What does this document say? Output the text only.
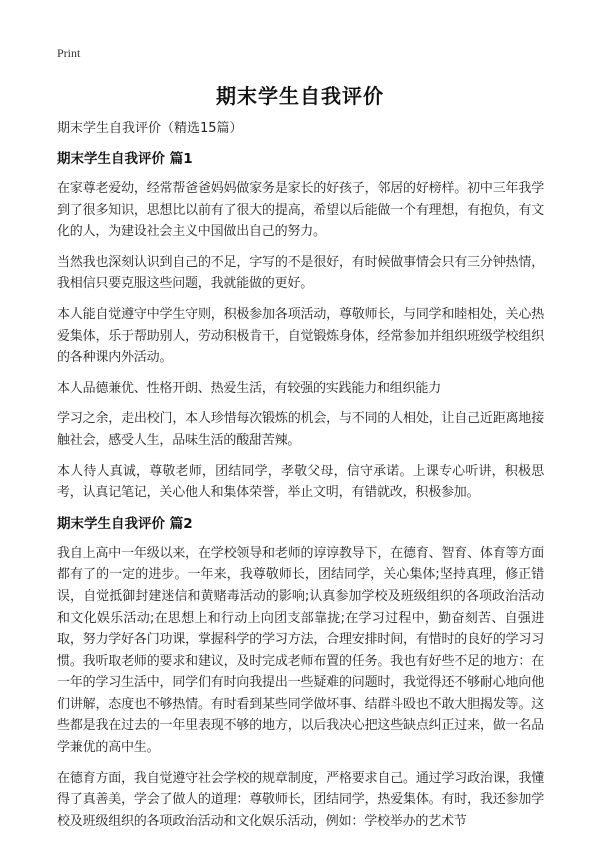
Print
期末学生自我评价
期末学生自我评价（精选15篇）
期末学生自我评价 篇1
在家尊老爱幼，经常帮爸爸妈妈做家务是家长的好孩子，邻居的好榜样。初中三年我学到了很多知识，思想比以前有了很大的提高，希望以后能做一个有理想，有抱负，有文化的人，为建设社会主义中国做出自己的努力。
当然我也深刻认识到自己的不足，字写的不是很好，有时候做事情会只有三分钟热情，我相信只要克服这些问题，我就能做的更好。
本人能自觉遵守中学生守则，积极参加各项活动，尊敬师长，与同学和睦相处，关心热爱集体，乐于帮助别人，劳动积极肯干，自觉锻炼身体，经常参加并组织班级学校组织的各种课内外活动。
本人品德兼优、性格开朗、热爱生活，有较强的实践能力和组织能力
学习之余，走出校门，本人珍惜每次锻炼的机会，与不同的人相处，让自己近距离地接触社会，感受人生，品味生活的酸甜苦辣。
本人待人真诚，尊敬老师，团结同学，孝敬父母，信守承诺。上课专心听讲，积极思考，认真记笔记，关心他人和集体荣誉，举止文明，有错就改，积极参加。
期末学生自我评价 篇2
我自上高中一年级以来，在学校领导和老师的谆谆教导下，在德育、智育、体育等方面都有了的一定的进步。一年来，我尊敬师长，团结同学，关心集体;坚持真理，修正错误，自觉抵御封建迷信和黄赌毒活动的影响;认真参加学校及班级组织的各项政治活动和文化娱乐活动;在思想上和行动上向团支部靠拢;在学习过程中，勤奋刻苦、自强进取，努力学好各门功课，掌握科学的学习方法，合理安排时间，有惜时的良好的学习习惯。我听取老师的要求和建议，及时完成老师布置的任务。我也有好些不足的地方：在一年的学习生活中，同学们有时向我提出一些疑难的问题时，我觉得还不够耐心地向他们讲解，态度也不够热情。有时看到某些同学做坏事、结群斗殴也不敢大胆揭发等。这些都是我在过去的一年里表现不够的地方，以后我决心把这些缺点纠正过来，做一名品学兼优的高中生。
在德育方面，我自觉遵守社会学校的规章制度，严格要求自己。通过学习政治课，我懂得了真善美，学会了做人的道理：尊敬师长，团结同学，热爱集体。有时，我还参加学校及班级组织的各项政治活动和文化娱乐活动，例如：学校举办的艺术节
